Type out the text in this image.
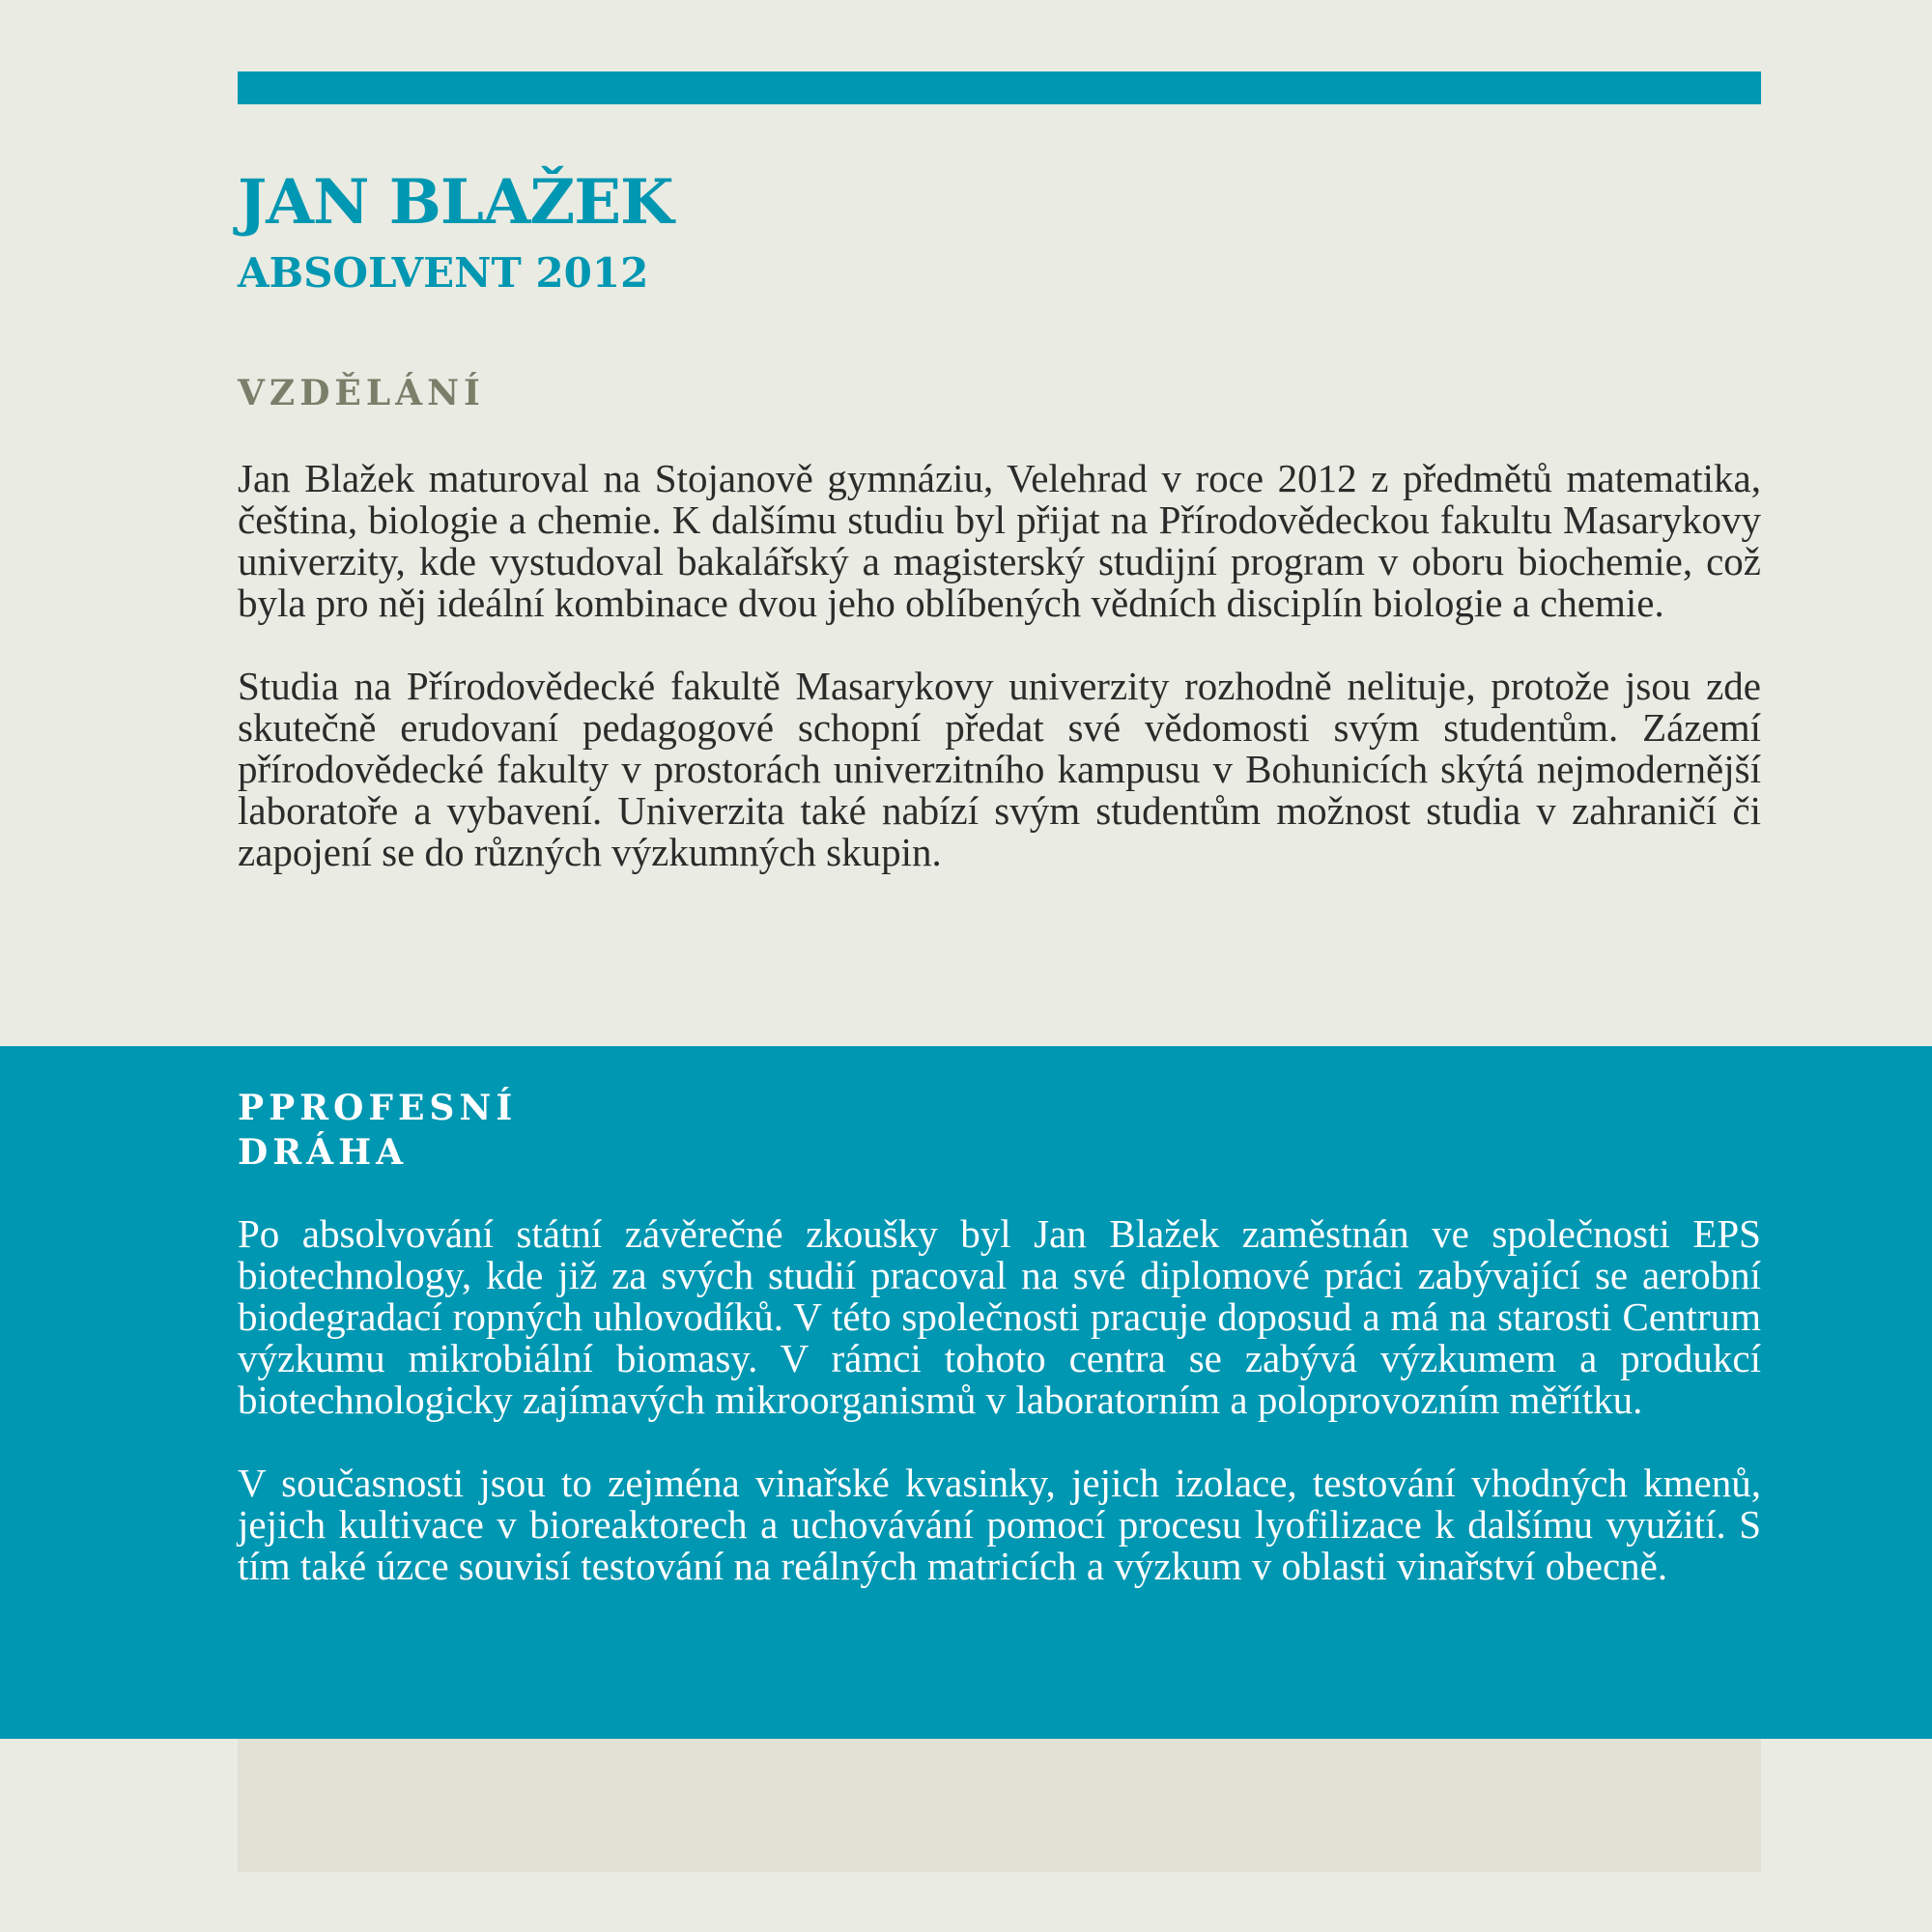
JAN BLAŽEK
ABSOLVENT 2012
VZDĚLÁNÍ

Jan Blažek maturoval na Stojanově gymnáziu, Velehrad v roce 2012 z předmětů matematika, čeština, biologie a chemie. K dalšímu studiu byl přijat na Přírodovědeckou fakultu Masarykovy univerzity, kde vystudoval bakalářský a magisterský studijní program v oboru biochemie, což byla pro něj ideální kombinace dvou jeho oblíbených vědních disciplín biologie a chemie.

Studia na Přírodovědecké fakultě Masarykovy univerzity rozhodně nelituje, protože jsou zde skutečně erudovaní pedagogové schopní předat své vědomosti svým studentům. Zázemí přírodovědecké fakulty v prostorách univerzitního kampusu v Bohunicích skýtá nejmodernější laboratoře a vybavení. Univerzita také nabízí svým studentům možnost studia v zahraničí či zapojení se do různých výzkumných skupin.

PPROFESNÍ DRÁHA

Po absolvování státní závěrečné zkoušky byl Jan Blažek zaměstnán ve společnosti EPS biotechnology, kde již za svých studií pracoval na své diplomové práci zabývající se aerobní biodegradací ropných uhlovodíků. V této společnosti pracuje doposud a má na starosti Centrum výzkumu mikrobiální biomasy. V rámci tohoto centra se zabývá výzkumem a produkcí biotechnologicky zajímavých mikroorganismů v laboratorním a poloprovozním měřítku.

V současnosti jsou to zejména vinařské kvasinky, jejich izolace, testování vhodných kmenů, jejich kultivace v bioreaktorech a uchovávání pomocí procesu lyofilizace k dalšímu využití. S tím také úzce souvisí testování na reálných matricích a výzkum v oblasti vinařství obecně.
